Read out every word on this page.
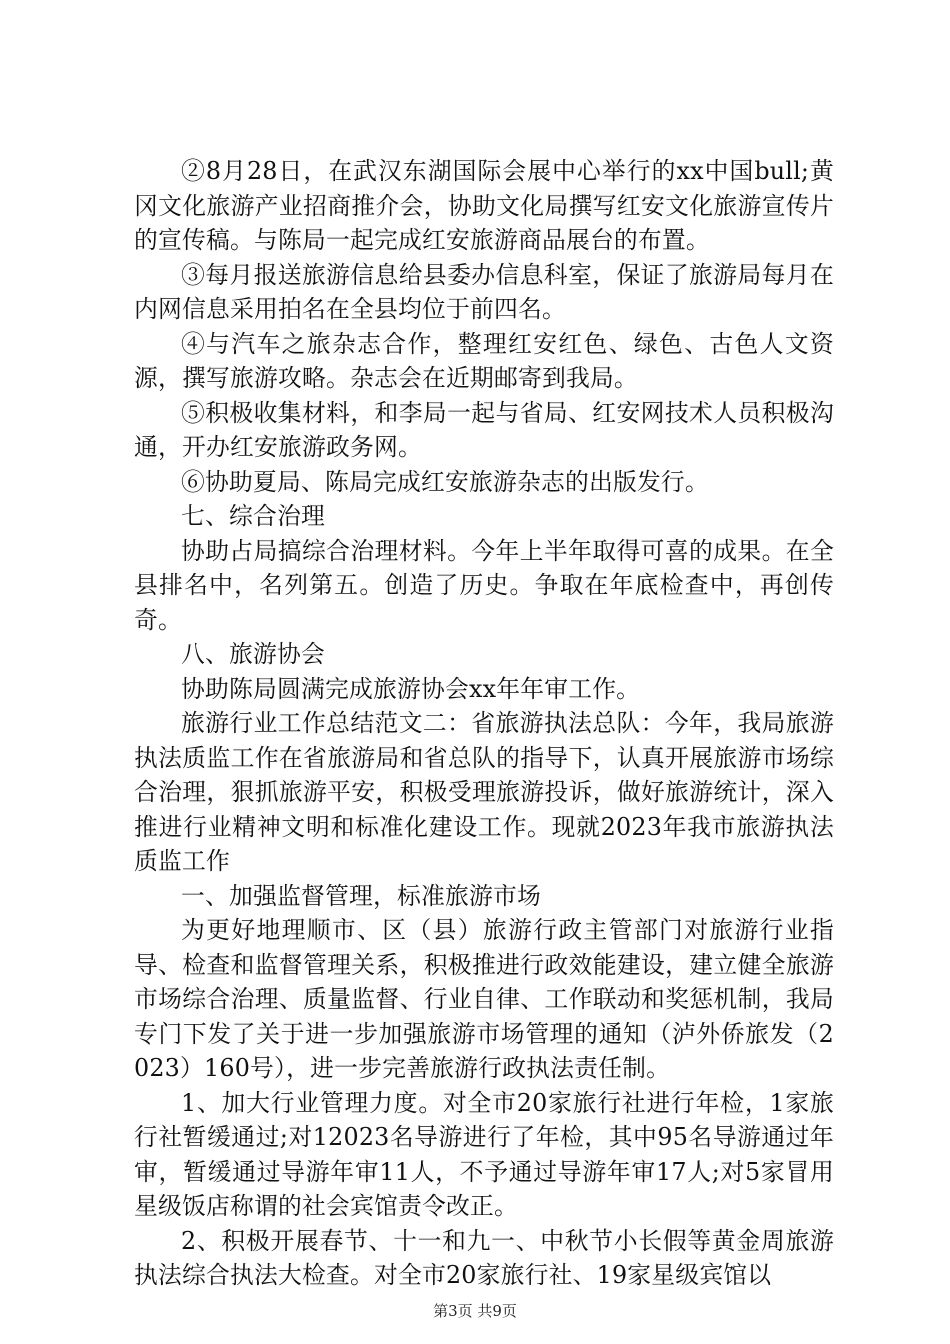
②8月28日，在武汉东湖国际会展中心举行的xx中国bull;黄冈文化旅游产业招商推介会，协助文化局撰写红安文化旅游宣传片的宣传稿。与陈局一起完成红安旅游商品展台的布置。

③每月报送旅游信息给县委办信息科室，保证了旅游局每月在内网信息采用拍名在全县均位于前四名。

④与汽车之旅杂志合作，整理红安红色、绿色、古色人文资源，撰写旅游攻略。杂志会在近期邮寄到我局。

⑤积极收集材料，和李局一起与省局、红安网技术人员积极沟通，开办红安旅游政务网。

⑥协助夏局、陈局完成红安旅游杂志的出版发行。

七、综合治理

协助占局搞综合治理材料。今年上半年取得可喜的成果。在全县排名中，名列第五。创造了历史。争取在年底检查中，再创传奇。

八、旅游协会

协助陈局圆满完成旅游协会xx年年审工作。

旅游行业工作总结范文二：省旅游执法总队：今年，我局旅游执法质监工作在省旅游局和省总队的指导下，认真开展旅游市场综合治理，狠抓旅游平安，积极受理旅游投诉，做好旅游统计，深入推进行业精神文明和标准化建设工作。现就2023年我市旅游执法质监工作

一、加强监督管理，标准旅游市场

为更好地理顺市、区（县）旅游行政主管部门对旅游行业指导、检查和监督管理关系，积极推进行政效能建设，建立健全旅游市场综合治理、质量监督、行业自律、工作联动和奖惩机制，我局专门下发了关于进一步加强旅游市场管理的通知（泸外侨旅发（2023）160号），进一步完善旅游行政执法责任制。

1、加大行业管理力度。对全市20家旅行社进行年检，1家旅行社暂缓通过;对12023名导游进行了年检，其中95名导游通过年审，暂缓通过导游年审11人，不予通过导游年审17人;对5家冒用星级饭店称谓的社会宾馆责令改正。

2、积极开展春节、十一和九一、中秋节小长假等黄金周旅游执法综合执法大检查。对全市20家旅行社、19家星级宾馆以

第3页 共9页
